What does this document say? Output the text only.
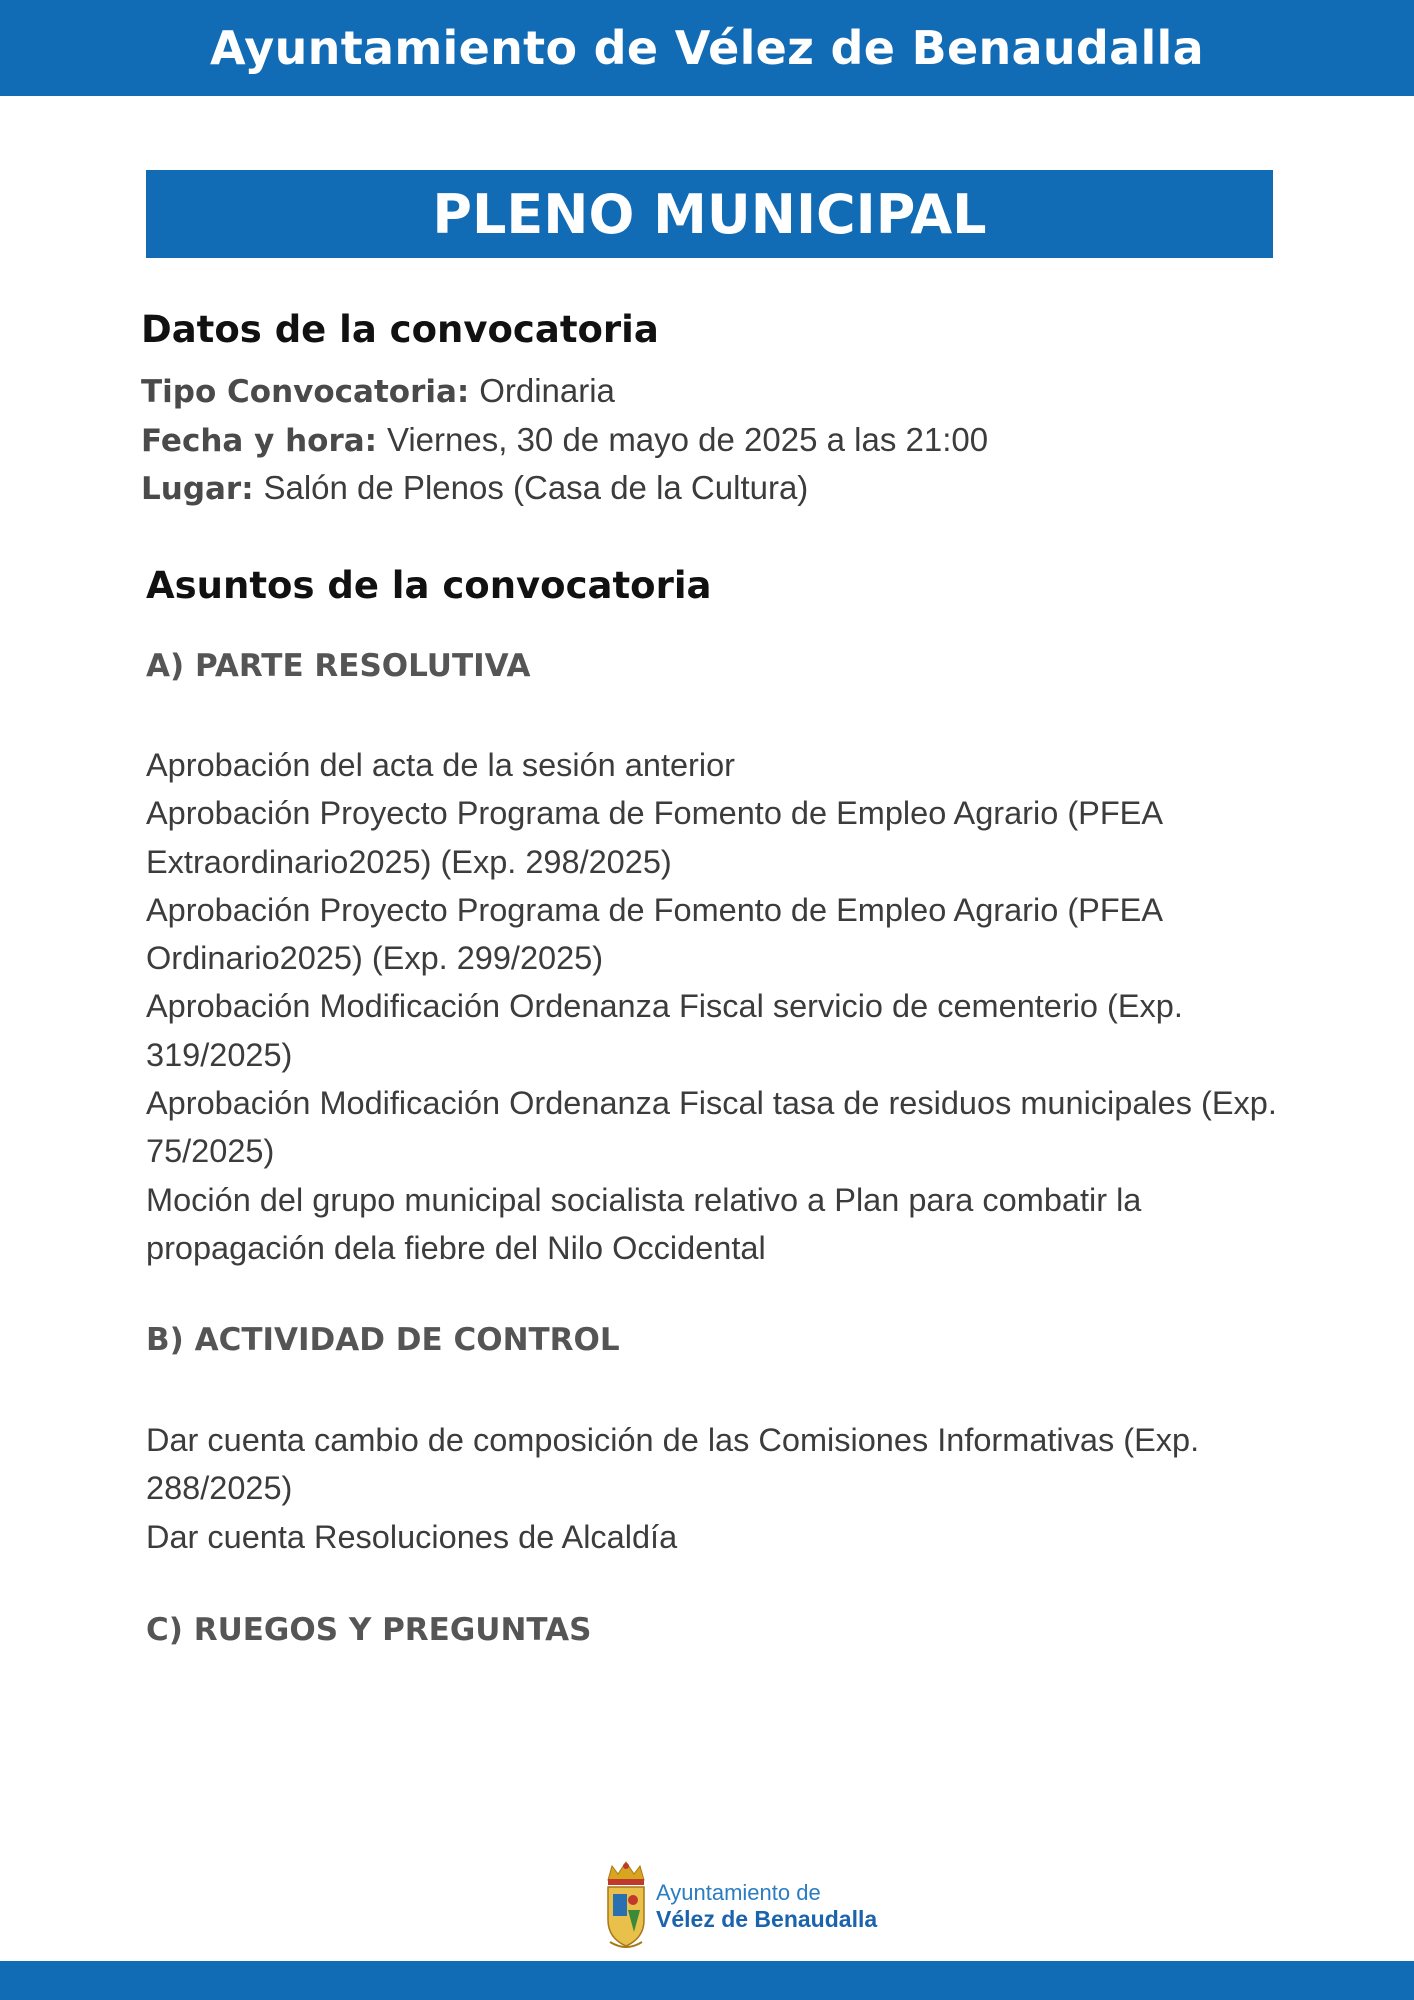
Ayuntamiento de Vélez de Benaudalla
PLENO MUNICIPAL
Datos de la convocatoria
Tipo Convocatoria: Ordinaria
Fecha y hora: Viernes, 30 de mayo de 2025 a las 21:00
Lugar: Salón de Plenos (Casa de la Cultura)
Asuntos de la convocatoria
A) PARTE RESOLUTIVA
Aprobación del acta de la sesión anterior
Aprobación Proyecto Programa de Fomento de Empleo Agrario (PFEA Extraordinario2025) (Exp. 298/2025)
Aprobación Proyecto Programa de Fomento de Empleo Agrario (PFEA Ordinario2025) (Exp. 299/2025)
Aprobación Modificación Ordenanza Fiscal servicio de cementerio (Exp. 319/2025)
Aprobación Modificación Ordenanza Fiscal tasa de residuos municipales (Exp. 75/2025)
Moción del grupo municipal socialista relativo a Plan para combatir la propagación dela fiebre del Nilo Occidental
B) ACTIVIDAD DE CONTROL
Dar cuenta cambio de composición de las Comisiones Informativas (Exp. 288/2025)
Dar cuenta Resoluciones de Alcaldía
C) RUEGOS Y PREGUNTAS
Ayuntamiento de
Vélez de Benaudalla
